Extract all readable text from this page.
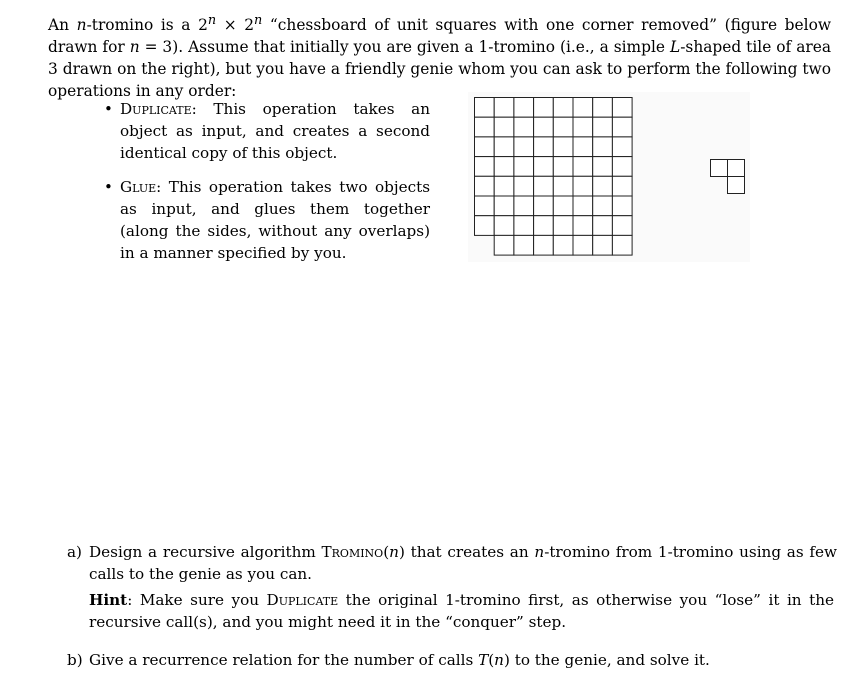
An n-tromino is a $2^n \times 2^n$ “chessboard of unit squares with one corner removed” (figure below drawn for n = 3). Assume that initially you are given a 1-tromino (i.e., a simple L-shaped tile of area 3 drawn on the right), but you have a friendly genie whom you can ask to perform the following two operations in any order:
• Duplicate: This operation takes an object as input, and creates a second identical copy of this object.
• Glue: This operation takes two objects as input, and glues them together (along the sides, without any overlaps) in a manner specified by you.
a) Design a recursive algorithm Tromino(n) that creates an n-tromino from 1-tromino using as few calls to the genie as you can.
Hint: Make sure you Duplicate the original 1-tromino first, as otherwise you “lose” it in the recursive call(s), and you might need it in the “conquer” step.
b) Give a recurrence relation for the number of calls T(n) to the genie, and solve it.
